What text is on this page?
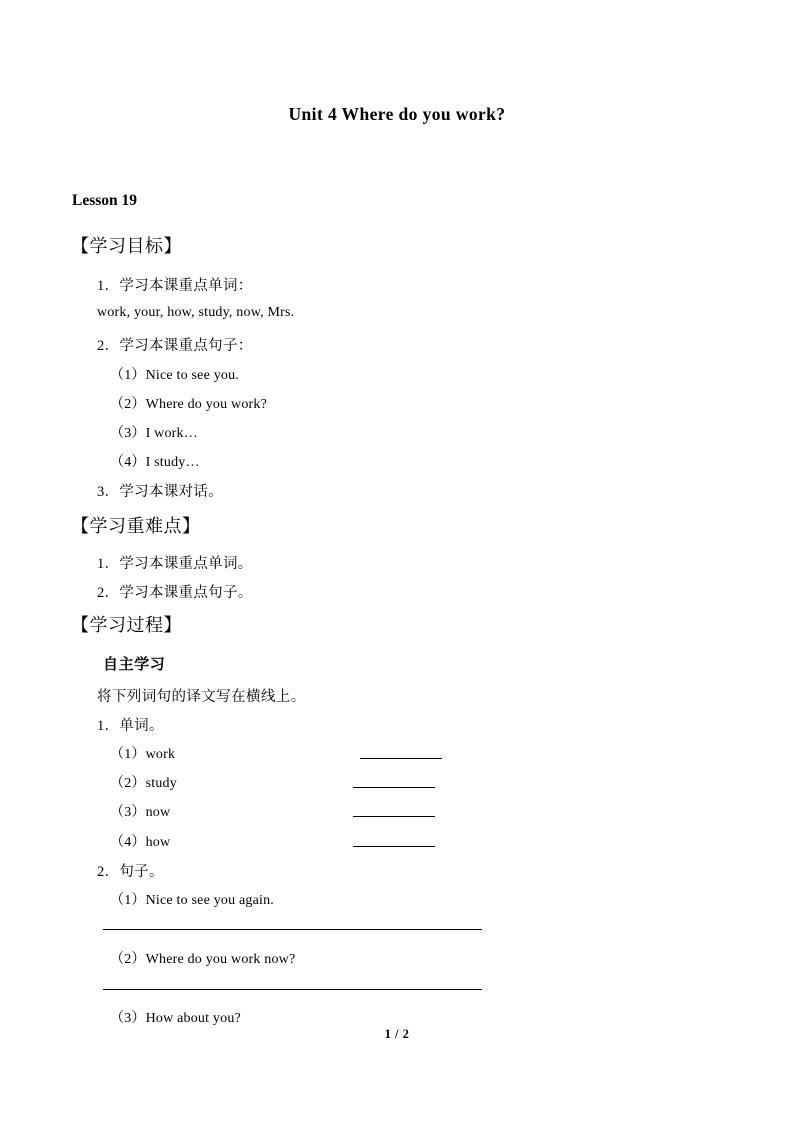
Unit 4 Where do you work?
Lesson 19
【学习目标】
1．学习本课重点单词：
work, your, how, study, now, Mrs.
2．学习本课重点句子：
（1）Nice to see you.
（2）Where do you work?
（3）I work…
（4）I study…
3．学习本课对话。
【学习重难点】
1．学习本课重点单词。
2．学习本课重点句子。
【学习过程】
自主学习
将下列词句的译文写在横线上。
1．单词。
（1）work
（2）study
（3）now
（4）how
2．句子。
（1）Nice to see you again.
（2）Where do you work now?
（3）How about you?
1 / 2
